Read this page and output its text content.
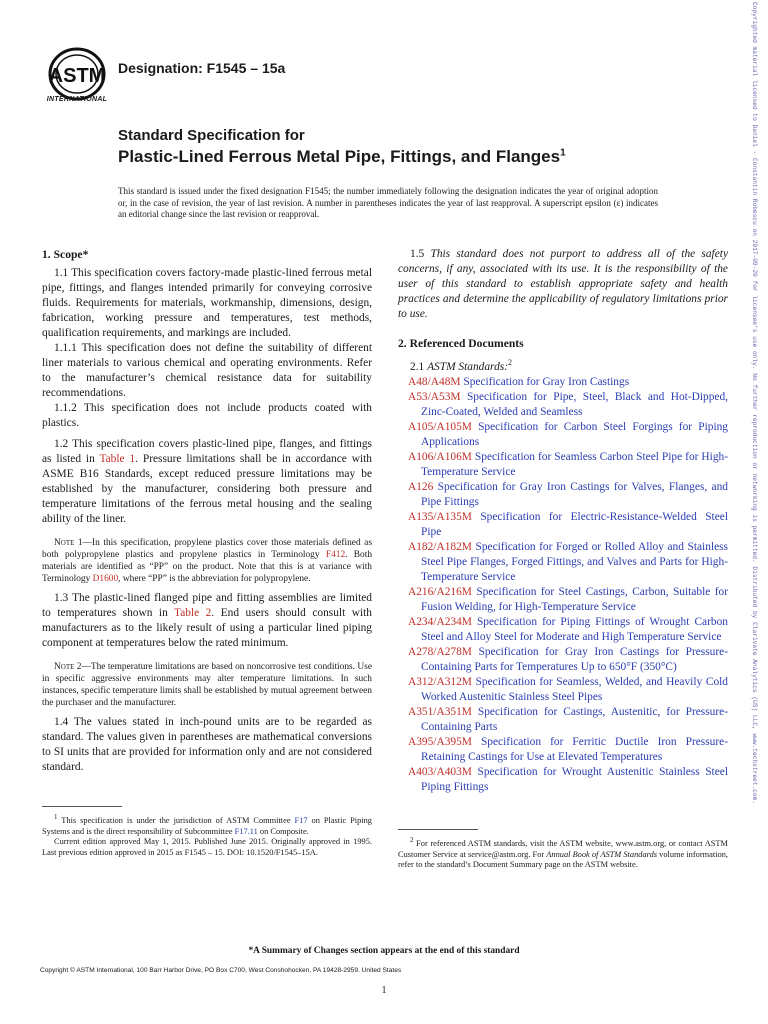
ASTM
INTERNATIONAL
Designation: F1545 – 15a
Standard Specification for
Plastic-Lined Ferrous Metal Pipe, Fittings, and Flanges$^1$
This standard is issued under the fixed designation F1545; the number immediately following the designation indicates the year of original adoption or, in the case of revision, the year of last revision. A number in parentheses indicates the year of last reapproval. A superscript epsilon (ε) indicates an editorial change since the last revision or reapproval.
1. Scope*

1.1 This specification covers factory-made plastic-lined ferrous metal pipe, fittings, and flanges intended primarily for conveying corrosive fluids. Requirements for materials, workmanship, dimensions, design, fabrication, working pressure and temperatures, test methods, qualification requirements, and markings are included.

1.1.1 This specification does not define the suitability of different liner materials to various chemical and operating environments. Refer to the manufacturer’s chemical resistance data for suitability recommendations.

1.1.2 This specification does not include products coated with plastics.

1.2 This specification covers plastic-lined pipe, flanges, and fittings as listed in Table 1. Pressure limitations shall be in accordance with ASME B16 Standards, except reduced pressure limitations may be established by the manufacturer, considering both pressure and temperature limitations of the ferrous metal housing and the sealing ability of the liner.

Note 1—In this specification, propylene plastics cover those materials defined as both polypropylene plastics and propylene plastics in Terminology F412. Both materials are identified as “PP” on the product. Note that this is at variance with Terminology D1600, where “PP” is the abbreviation for polypropylene.

1.3 The plastic-lined flanged pipe and fitting assemblies are limited to temperatures shown in Table 2. End users should consult with manufacturers as to the likely result of using a particular lined piping component at temperatures below the rated minimum.

Note 2—The temperature limitations are based on noncorrosive test conditions. Use in specific aggressive environments may alter temperature limitations. In such instances, specific temperature limits shall be established by mutual agreement between the purchaser and the manufacturer.

1.4 The values stated in inch-pound units are to be regarded as standard. The values given in parentheses are mathematical conversions to SI units that are provided for information only and are not considered standard.

1.5 This standard does not purport to address all of the safety concerns, if any, associated with its use. It is the responsibility of the user of this standard to establish appropriate safety and health practices and determine the applicability of regulatory limitations prior to use.

2. Referenced Documents

2.1 ASTM Standards:$^2$

A48/A48M Specification for Gray Iron Castings

A53/A53M Specification for Pipe, Steel, Black and Hot-Dipped, Zinc-Coated, Welded and Seamless

A105/A105M Specification for Carbon Steel Forgings for Piping Applications

A106/A106M Specification for Seamless Carbon Steel Pipe for High-Temperature Service

A126 Specification for Gray Iron Castings for Valves, Flanges, and Pipe Fittings

A135/A135M Specification for Electric-Resistance-Welded Steel Pipe

A182/A182M Specification for Forged or Rolled Alloy and Stainless Steel Pipe Flanges, Forged Fittings, and Valves and Parts for High-Temperature Service

A216/A216M Specification for Steel Castings, Carbon, Suitable for Fusion Welding, for High-Temperature Service

A234/A234M Specification for Piping Fittings of Wrought Carbon Steel and Alloy Steel for Moderate and High Temperature Service

A278/A278M Specification for Gray Iron Castings for Pressure-Containing Parts for Temperatures Up to 650°F (350°C)

A312/A312M Specification for Seamless, Welded, and Heavily Cold Worked Austenitic Stainless Steel Pipes

A351/A351M Specification for Castings, Austenitic, for Pressure-Containing Parts

A395/A395M Specification for Ferritic Ductile Iron Pressure-Retaining Castings for Use at Elevated Temperatures

A403/A403M Specification for Wrought Austenitic Stainless Steel Piping Fittings

$^1$ This specification is under the jurisdiction of ASTM Committee F17 on Plastic Piping Systems and is the direct responsibility of Subcommittee F17.11 on Composite.

Current edition approved May 1, 2015. Published June 2015. Originally approved in 1995. Last previous edition approved in 2015 as F1545 – 15. DOI: 10.1520/F1545–15A.

$^2$ For referenced ASTM standards, visit the ASTM website, www.astm.org, or contact ASTM Customer Service at service@astm.org. For Annual Book of ASTM Standards volume information, refer to the standard’s Document Summary page on the ASTM website.

*A Summary of Changes section appears at the end of this standard
Copyright © ASTM International, 100 Barr Harbor Drive, PO Box C700, West Conshohocken, PA 19428-2959. United States
1
Copyrighted material licensed to Daniel - Constantin Robescu on 2017-09-20 for licensee's use only. No further reproduction or networking is permitted. Distributed by Clarivate Analytics (US) LLC, www.techstreet.com.
